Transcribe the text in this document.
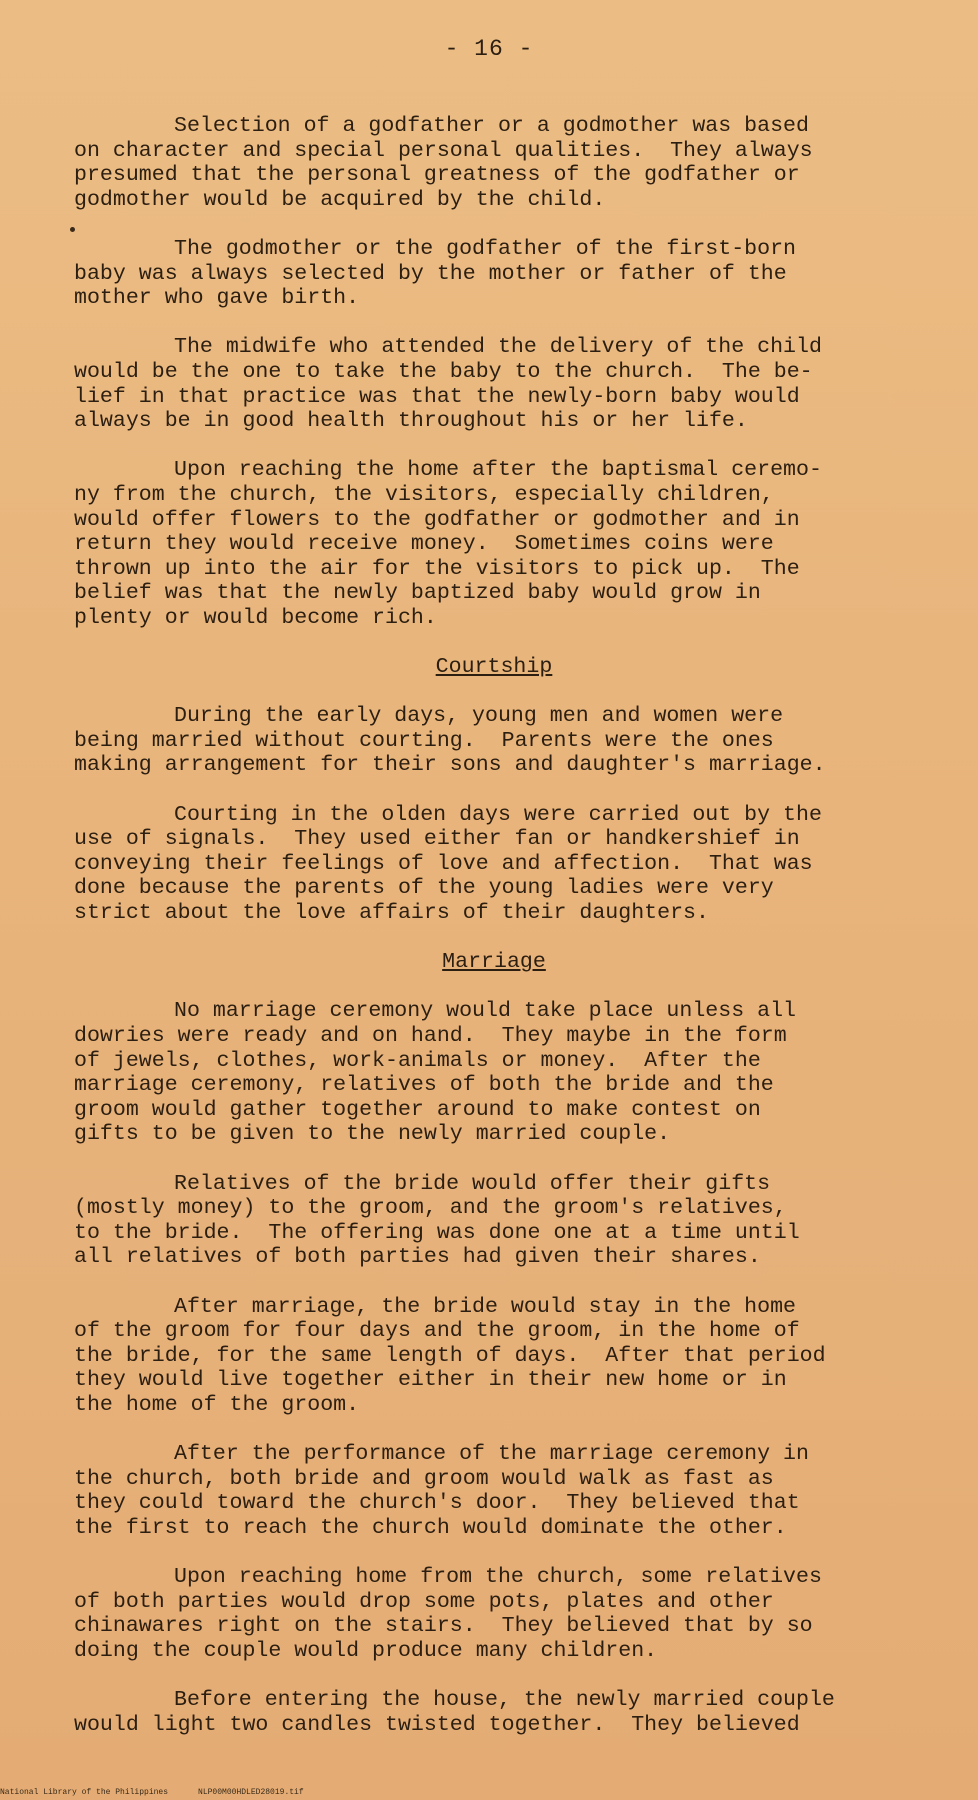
- 16 -
Selection of a godfather or a godmother was based
on character and special personal qualities.  They always
presumed that the personal greatness of the godfather or
godmother would be acquired by the child.
The godmother or the godfather of the first-born
baby was always selected by the mother or father of the
mother who gave birth.
The midwife who attended the delivery of the child
would be the one to take the baby to the church.  The be-
lief in that practice was that the newly-born baby would
always be in good health throughout his or her life.
Upon reaching the home after the baptismal ceremo-
ny from the church, the visitors, especially children,
would offer flowers to the godfather or godmother and in
return they would receive money.  Sometimes coins were
thrown up into the air for the visitors to pick up.  The
belief was that the newly baptized baby would grow in
plenty or would become rich.
Courtship
During the early days, young men and women were
being married without courting.  Parents were the ones
making arrangement for their sons and daughter's marriage.
Courting in the olden days were carried out by the
use of signals.  They used either fan or handkershief in
conveying their feelings of love and affection.  That was
done because the parents of the young ladies were very
strict about the love affairs of their daughters.
Marriage
No marriage ceremony would take place unless all
dowries were ready and on hand.  They maybe in the form
of jewels, clothes, work-animals or money.  After the
marriage ceremony, relatives of both the bride and the
groom would gather together around to make contest on
gifts to be given to the newly married couple.
Relatives of the bride would offer their gifts
(mostly money) to the groom, and the groom's relatives,
to the bride.  The offering was done one at a time until
all relatives of both parties had given their shares.
After marriage, the bride would stay in the home
of the groom for four days and the groom, in the home of
the bride, for the same length of days.  After that period
they would live together either in their new home or in
the home of the groom.
After the performance of the marriage ceremony in
the church, both bride and groom would walk as fast as
they could toward the church's door.  They believed that
the first to reach the church would dominate the other.
Upon reaching home from the church, some relatives
of both parties would drop some pots, plates and other
chinawares right on the stairs.  They believed that by so
doing the couple would produce many children.
Before entering the house, the newly married couple
would light two candles twisted together.  They believed
National Library of the Philippines	NLP00M00HDLED28019.tif
